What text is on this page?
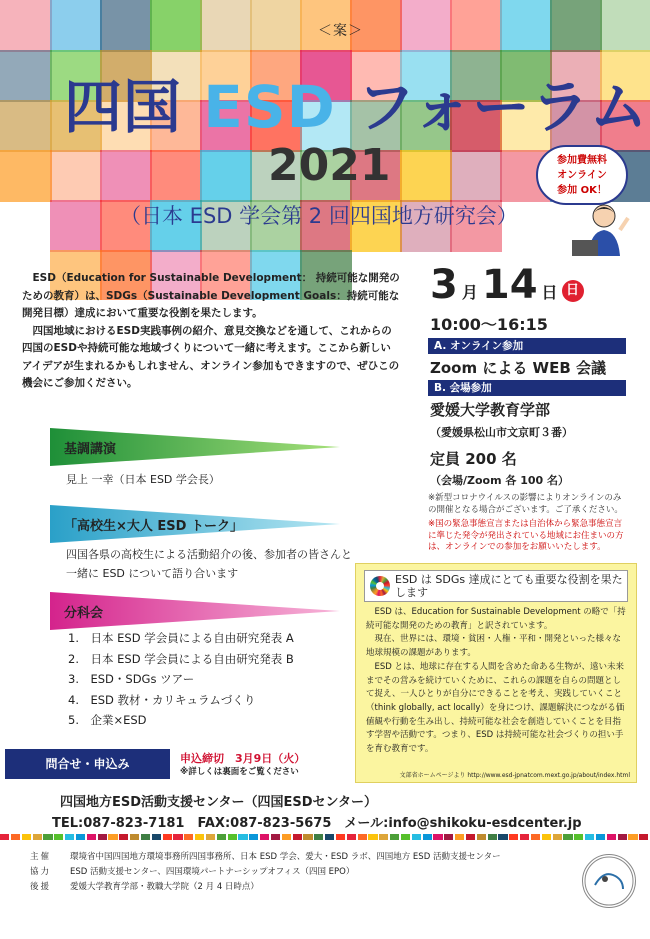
＜案＞
四国 ESD フォーラム
2021
（日本 ESD 学会第 2 回四国地方研究会）
参加費無料
オンライン
参加 OK！

ESD（Education for Sustainable Development： 持続可能な開発のための教育）は、SDGs（Sustainable Development Goals：持続可能な開発目標）達成において重要な役割を果たします。

四国地域におけるESD実践事例の紹介、意見交換などを通して、これからの四国のESDや持続可能な地域づくりについて一緒に考えます。ここから新しいアイデアが生まれるかもしれません、オンライン参加もできますので、ぜひこの機会にご参加ください。

3 月 14 日 日
10:00〜16:15
A. オンライン参加
Zoom による WEB 会議
B. 会場参加
愛媛大学教育学部
（愛媛県松山市文京町３番）
定員 200 名
（会場/Zoom 各 100 名）
※新型コロナウイルスの影響によりオンラインのみの開催となる場合がございます。ご了承ください。
※国の緊急事態宣言または自治体から緊急事態宣言に準じた発令が発出されている地域にお住まいの方は、オンラインでの参加をお願いいたします。
基調講演
見上 一幸（日本 ESD 学会長）
「高校生×大人 ESD トーク」
四国各県の高校生による活動紹介の後、参加者の皆さんと一緒に ESD について語り合います
分科会
1.　日本 ESD 学会員による自由研究発表 A
2.　日本 ESD 学会員による自由研究発表 B
3.　ESD・SDGs ツアー
4.　ESD 教材・カリキュラムづくり
5.　企業×ESD
ESD は SDGs 達成にとても重要な役割を果たします

ESD は、Education for Sustainable Development の略で「持続可能な開発のための教育」と訳されています。

現在、世界には、環境・貧困・人権・平和・開発といった様々な地球規模の課題があります。

ESD とは、地球に存在する人間を含めた命ある生物が、遠い未来までその営みを続けていくために、これらの課題を自らの問題として捉え、一人ひとりが自分にできることを考え、実践していくこと（think globally, act locally）を身につけ、課題解決につながる価値観や行動を生み出し、持続可能な社会を創造していくことを目指す学習や活動です。つまり、ESD は持続可能な社会づくりの担い手を育む教育です。

文部省ホームページより http://www.esd-jpnatcom.mext.go.jp/about/index.html
問合せ・申込み	申込締切　3月9日（火）
※詳しくは裏面をご覧ください
四国地方ESD活動支援センター（四国ESDセンター）
TEL:087-823-7181　FAX:087-823-5675　メール:info@shikoku-esdcenter.jp
主催 環境省中国四国地方環境事務所四国事務所、日本 ESD 学会、愛大・ESD ラボ、四国地方 ESD 活動支援センター
協力 ESD 活動支援センター、四国環境パートナーシップオフィス（四国 EPO）
後援 愛媛大学教育学部・教職大学院（2 月 4 日時点）
